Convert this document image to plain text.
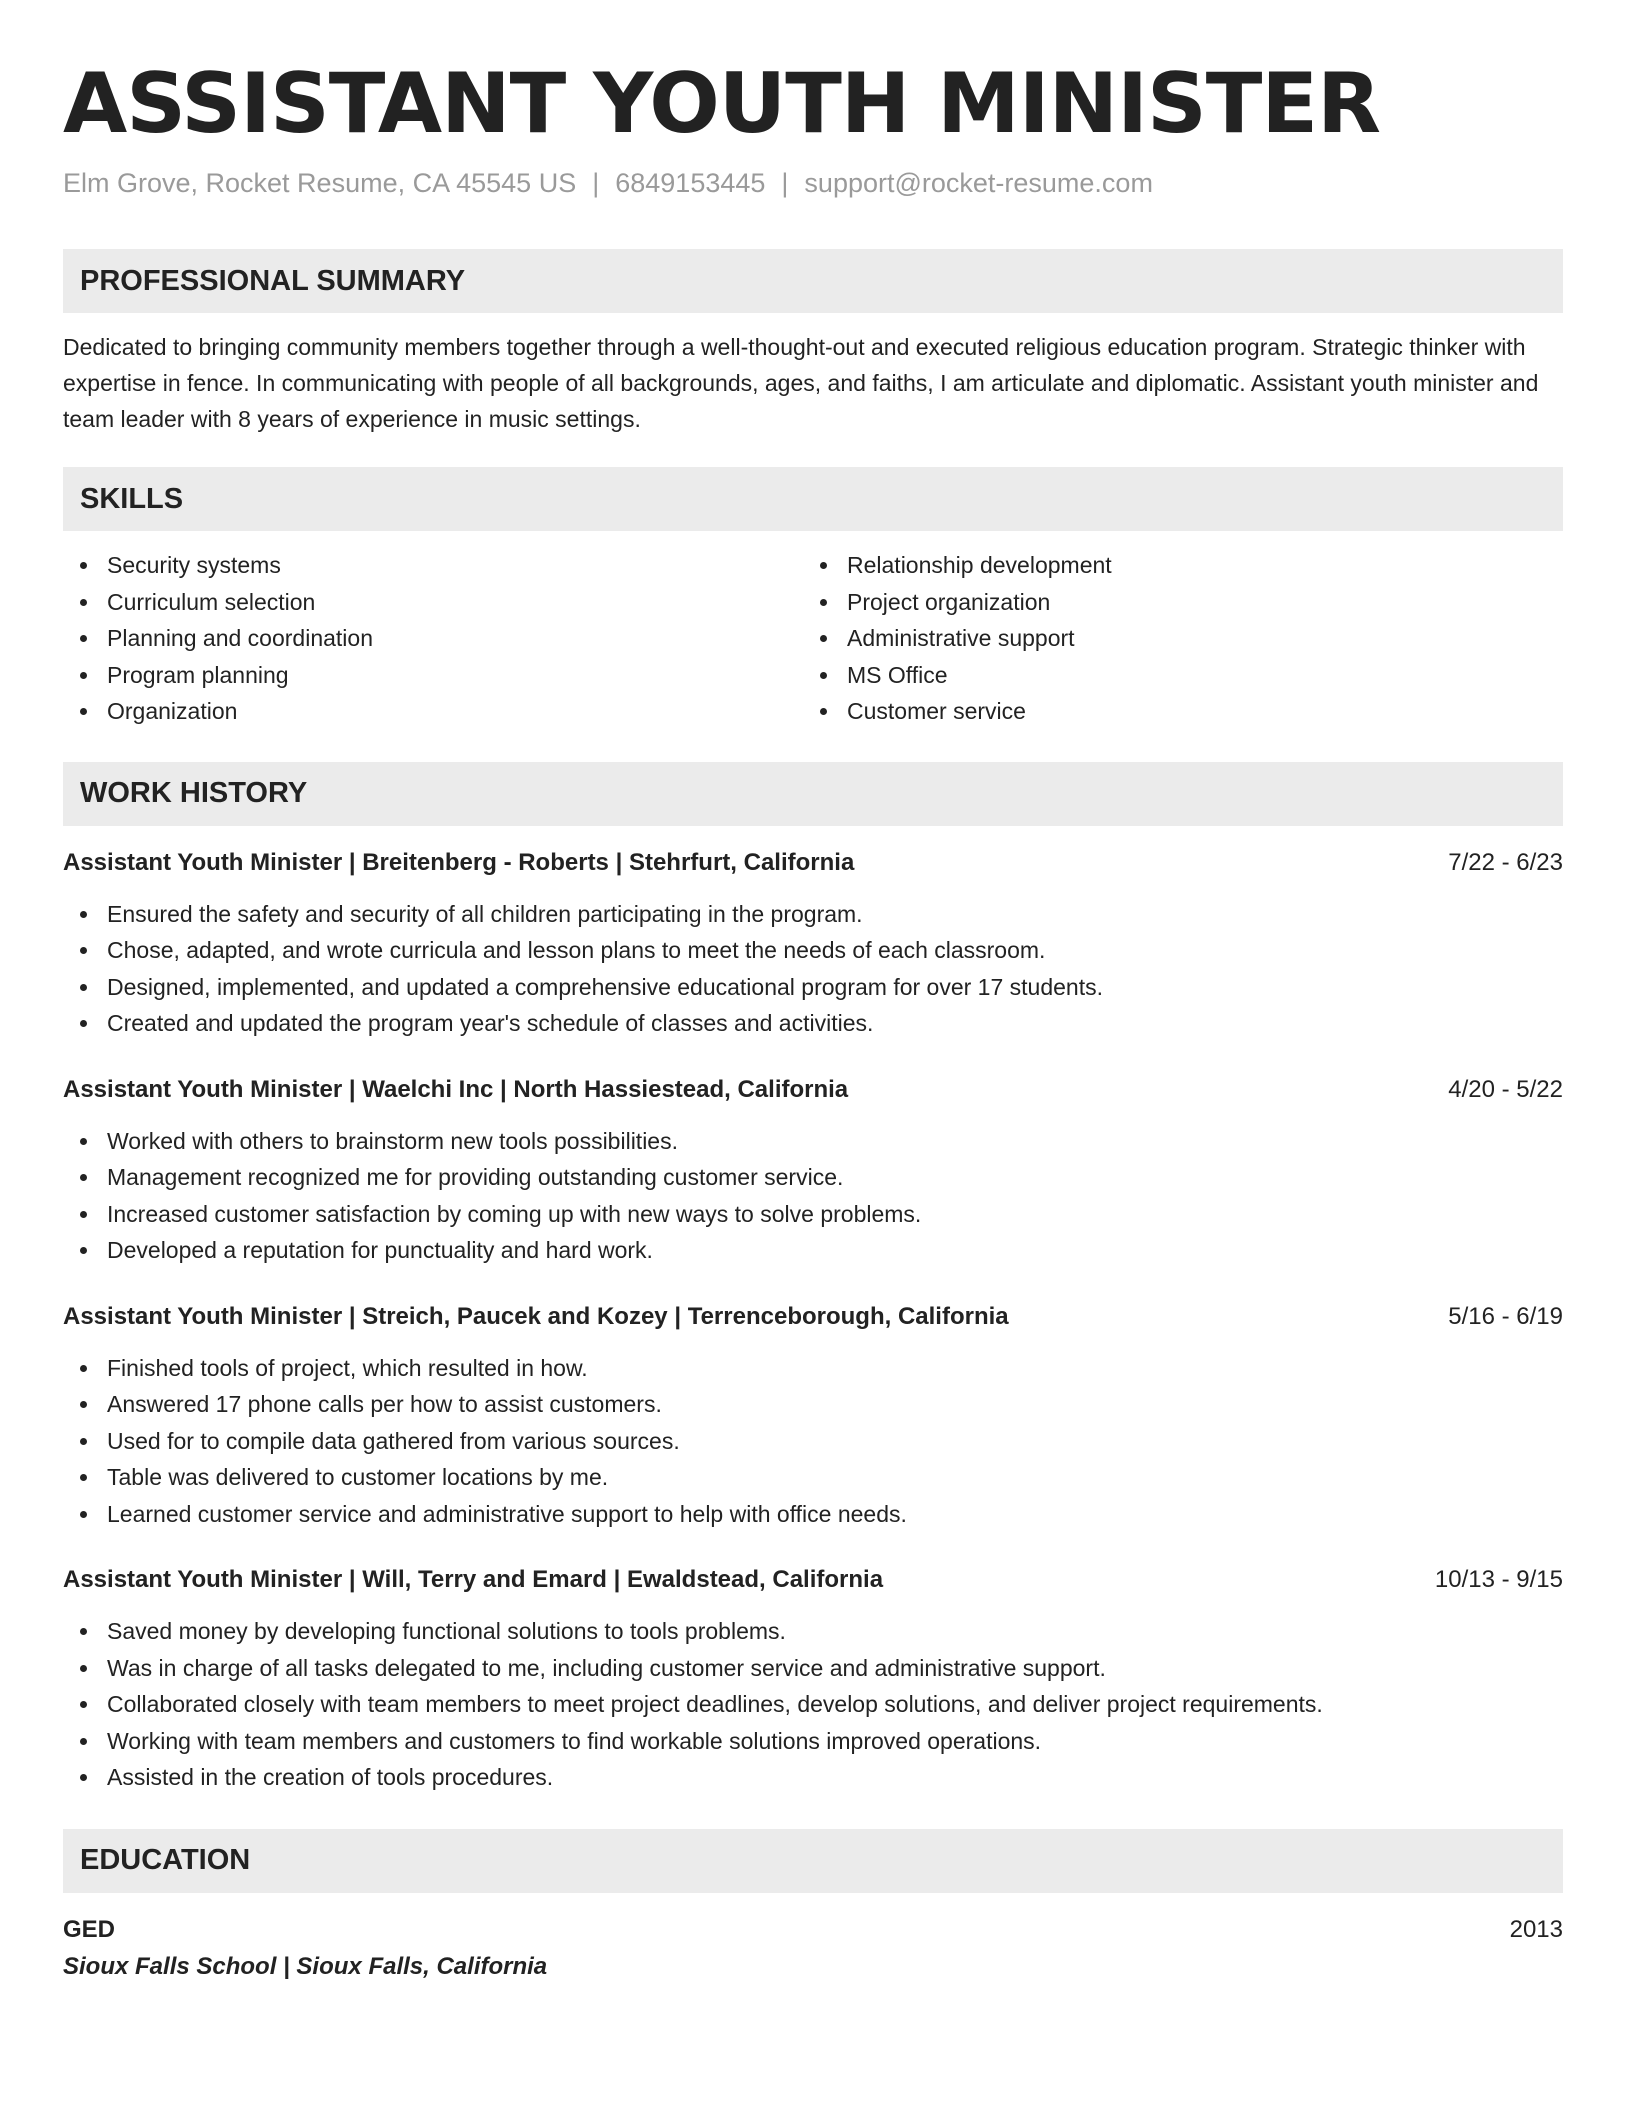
ASSISTANT YOUTH MINISTER
Elm Grove, Rocket Resume, CA 45545 US | 6849153445 | support@rocket-resume.com
PROFESSIONAL SUMMARY
Dedicated to bringing community members together through a well-thought-out and executed religious education program. Strategic thinker with expertise in fence. In communicating with people of all backgrounds, ages, and faiths, I am articulate and diplomatic. Assistant youth minister and team leader with 8 years of experience in music settings.
SKILLS
Security systems
Curriculum selection
Planning and coordination
Program planning
Organization
Relationship development
Project organization
Administrative support
MS Office
Customer service
WORK HISTORY
Assistant Youth Minister | Breitenberg - Roberts | Stehrfurt, California	7/22 - 6/23
Ensured the safety and security of all children participating in the program.
Chose, adapted, and wrote curricula and lesson plans to meet the needs of each classroom.
Designed, implemented, and updated a comprehensive educational program for over 17 students.
Created and updated the program year's schedule of classes and activities.
Assistant Youth Minister | Waelchi Inc | North Hassiestead, California	4/20 - 5/22
Worked with others to brainstorm new tools possibilities.
Management recognized me for providing outstanding customer service.
Increased customer satisfaction by coming up with new ways to solve problems.
Developed a reputation for punctuality and hard work.
Assistant Youth Minister | Streich, Paucek and Kozey | Terrenceborough, California	5/16 - 6/19
Finished tools of project, which resulted in how.
Answered 17 phone calls per how to assist customers.
Used for to compile data gathered from various sources.
Table was delivered to customer locations by me.
Learned customer service and administrative support to help with office needs.
Assistant Youth Minister | Will, Terry and Emard | Ewaldstead, California	10/13 - 9/15
Saved money by developing functional solutions to tools problems.
Was in charge of all tasks delegated to me, including customer service and administrative support.
Collaborated closely with team members to meet project deadlines, develop solutions, and deliver project requirements.
Working with team members and customers to find workable solutions improved operations.
Assisted in the creation of tools procedures.
EDUCATION
GED	2013
Sioux Falls School | Sioux Falls, California
